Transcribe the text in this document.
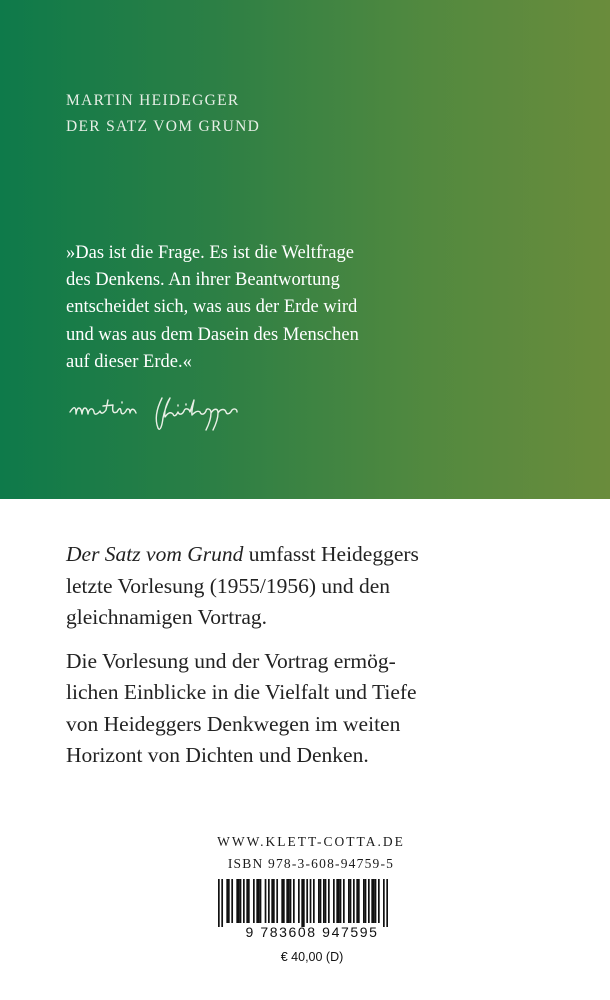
MARTIN HEIDEGGER
DER SATZ VOM GRUND
»Das ist die Frage. Es ist die Weltfrage
des Denkens. An ihrer Beantwortung
entscheidet sich, was aus der Erde wird
und was aus dem Dasein des Menschen
auf dieser Erde.«
Der Satz vom Grund umfasst Heideggers
letzte Vorlesung (1955/1956) und den
gleichnamigen Vortrag.
Die Vorlesung und der Vortrag ermög-
lichen Einblicke in die Vielfalt und Tiefe
von Heideggers Denkwegen im weiten
Horizont von Dichten und Denken.
WWW.KLETT-COTTA.DE
ISBN 978-3-608-94759-5
9 783608 947595
€ 40,00 (D)
